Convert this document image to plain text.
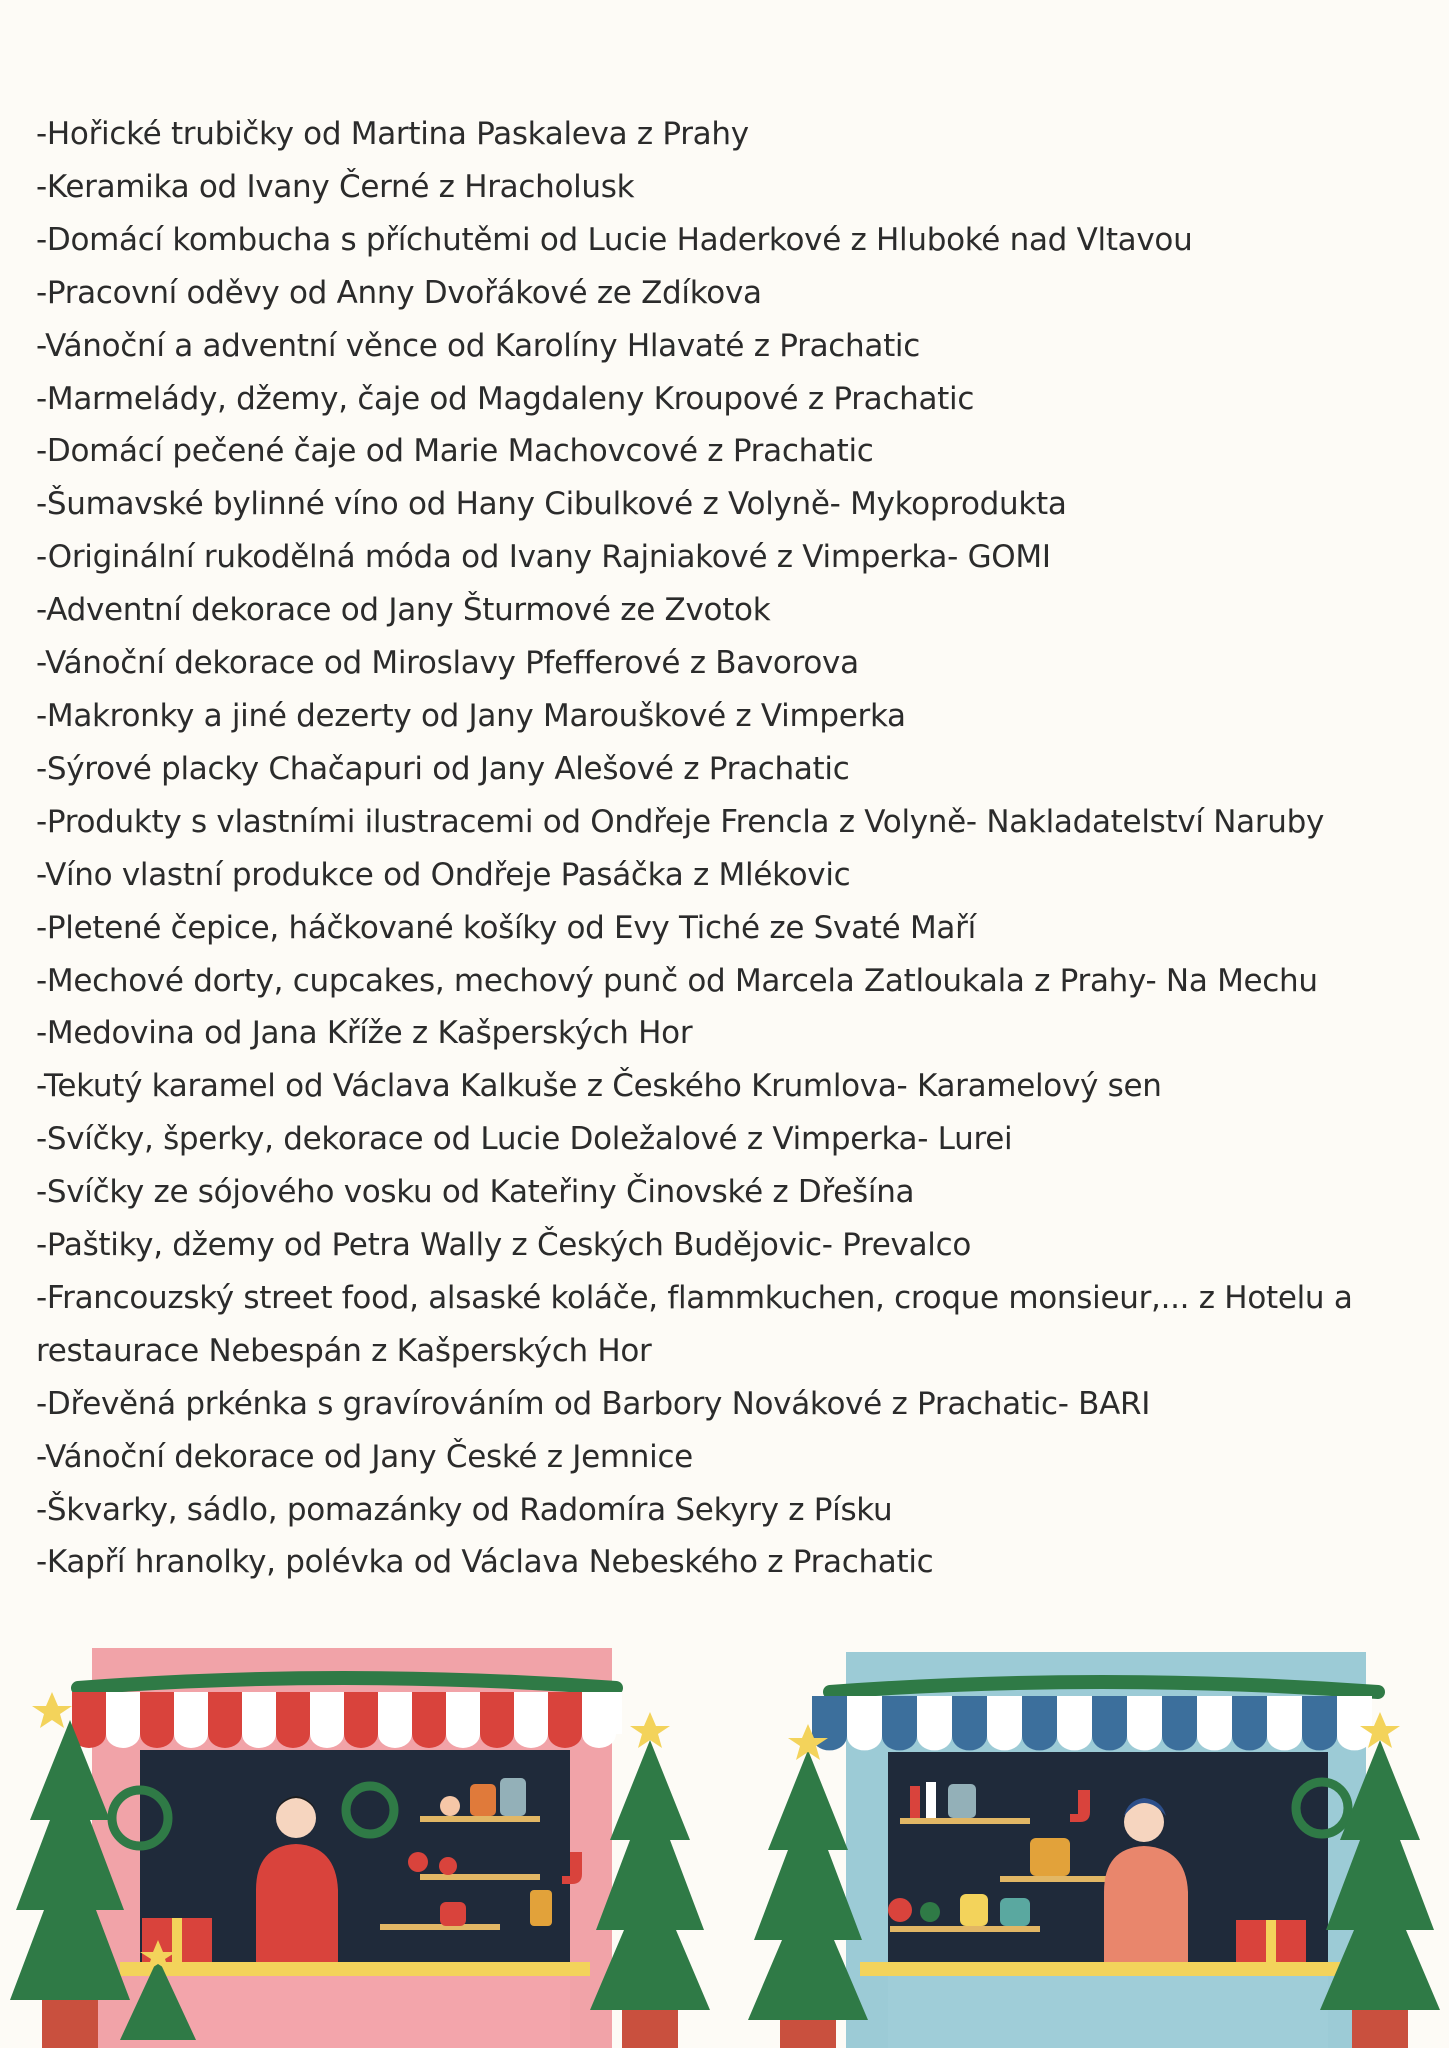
-Hořické trubičky od Martina Paskaleva z Prahy
-Keramika od Ivany Černé z Hracholusk
-Domácí kombucha s příchutěmi od Lucie Haderkové z Hluboké nad Vltavou
-Pracovní oděvy od Anny Dvořákové ze Zdíkova
-Vánoční a adventní věnce od Karolíny Hlavaté z Prachatic
-Marmelády, džemy, čaje od Magdaleny Kroupové z Prachatic
-Domácí pečené čaje od Marie Machovcové z Prachatic
-Šumavské bylinné víno od Hany Cibulkové z Volyně- Mykoprodukta
-Originální rukodělná móda od Ivany Rajniakové z Vimperka- GOMI
-Adventní dekorace od Jany Šturmové ze Zvotok
-Vánoční dekorace od Miroslavy Pfefferové z Bavorova
-Makronky a jiné dezerty od Jany Marouškové z Vimperka
-Sýrové placky Chačapuri od Jany Alešové z Prachatic
-Produkty s vlastními ilustracemi od Ondřeje Frencla z Volyně- Nakladatelství Naruby
-Víno vlastní produkce od Ondřeje Pasáčka z Mlékovic
-Pletené čepice, háčkované košíky od Evy Tiché ze Svaté Maří
-Mechové dorty, cupcakes, mechový punč od Marcela Zatloukala z Prahy- Na Mechu
-Medovina od Jana Kříže z Kašperských Hor
-Tekutý karamel od Václava Kalkuše z Českého Krumlova- Karamelový sen
-Svíčky, šperky, dekorace od Lucie Doležalové z Vimperka- Lurei
-Svíčky ze sójového vosku od Kateřiny Činovské z Dřešína
-Paštiky, džemy od Petra Wally z Českých Budějovic- Prevalco
-Francouzský street food, alsaské koláče, flammkuchen, croque monsieur,... z Hotelu a restaurace Nebespán z Kašperských Hor
-Dřevěná prkénka s gravírováním od Barbory Novákové z Prachatic- BARI
-Vánoční dekorace od Jany České z Jemnice
-Škvarky, sádlo, pomazánky od Radomíra Sekyry z Písku
-Kapří hranolky, polévka od Václava Nebeského z Prachatic
